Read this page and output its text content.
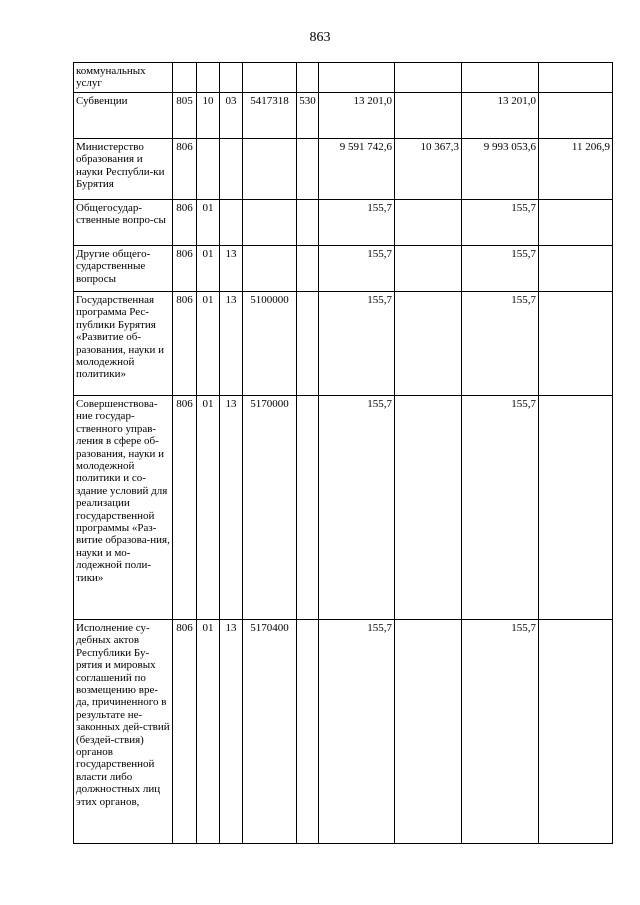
863
коммунальных услуг									

Субвенции	805	10	03	5417318	530	13 201,0		13 201,0	

Министерство образования и науки Республи-ки Бурятия	806					9 591 742,6	10 367,3	9 993 053,6	11 206,9

Общегосудар-ственные вопро-сы	806	01				155,7		155,7	

Другие общего-сударственные вопросы	806	01	13			155,7		155,7	

Государственная программа Рес-публики Бурятия «Развитие об-разования, науки и молодежной политики»	806	01	13	5100000		155,7		155,7	

Совершенствова-ние государ-ственного управ-ления в сфере об-разования, науки и молодежной политики и со-здание условий для реализации государственной программы «Раз-витие образова-ния, науки и мо-лодежной поли-тики»	806	01	13	5170000		155,7		155,7	

Исполнение су-дебных актов Республики Бу-рятия и мировых соглашений по возмещению вре-да, причиненного в результате не-законных дей-ствий (бездей-ствия) органов государственной власти либо должностных лиц этих органов,	806	01	13	5170400		155,7		155,7	
